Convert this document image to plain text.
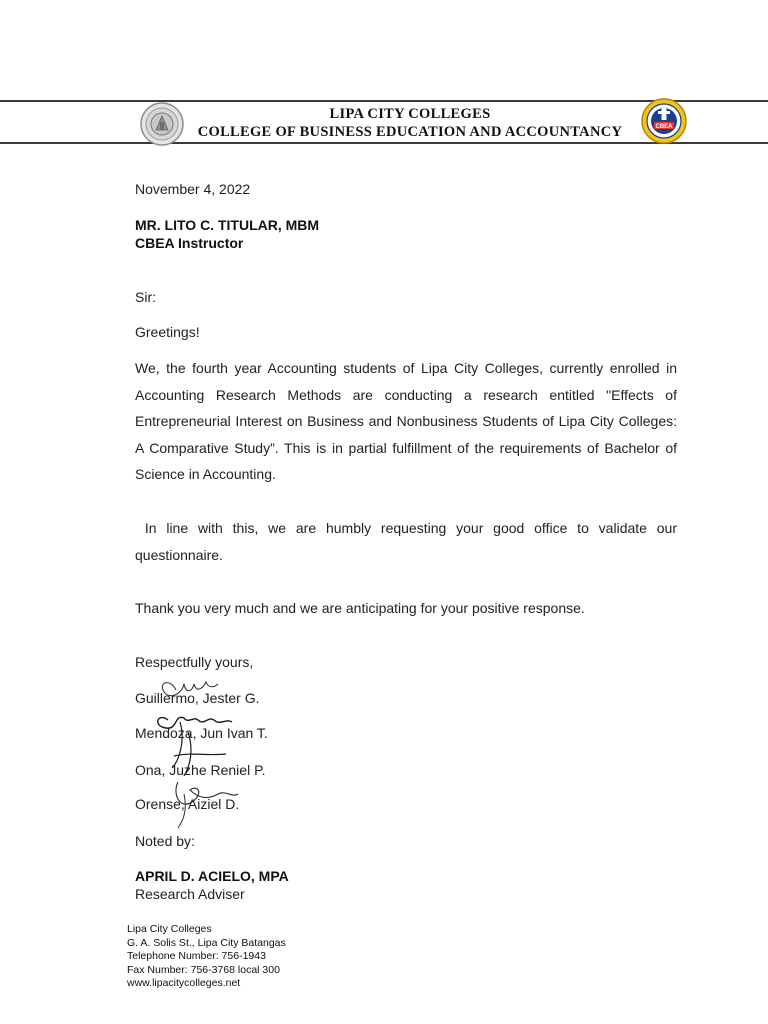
LIPA CITY COLLEGES
COLLEGE OF BUSINESS EDUCATION AND ACCOUNTANCY	CBEA
November 4, 2022
MR. LITO C. TITULAR, MBM
CBEA Instructor
Sir:
Greetings!
We, the fourth year Accounting students of Lipa City Colleges, currently enrolled in Accounting Research Methods are conducting a research entitled "Effects of Entrepreneurial Interest on Business and Nonbusiness Students of Lipa City Colleges: A Comparative Study”. This is in partial fulfillment of the requirements of Bachelor of Science in Accounting.
In line with this, we are humbly requesting your good office to validate our questionnaire.
Thank you very much and we are anticipating for your positive response.
Respectfully yours,
Guillermo, Jester G.
Mendoza, Jun Ivan T.
Ona, Juzhe Reniel P.
Orense, Aiziel D.
Noted by:
APRIL D. ACIELO, MPA
Research Adviser
Lipa City Colleges
G. A. Solis St., Lipa City Batangas
Telephone Number: 756-1943
Fax Number: 756-3768 local 300
www.lipacitycolleges.net
